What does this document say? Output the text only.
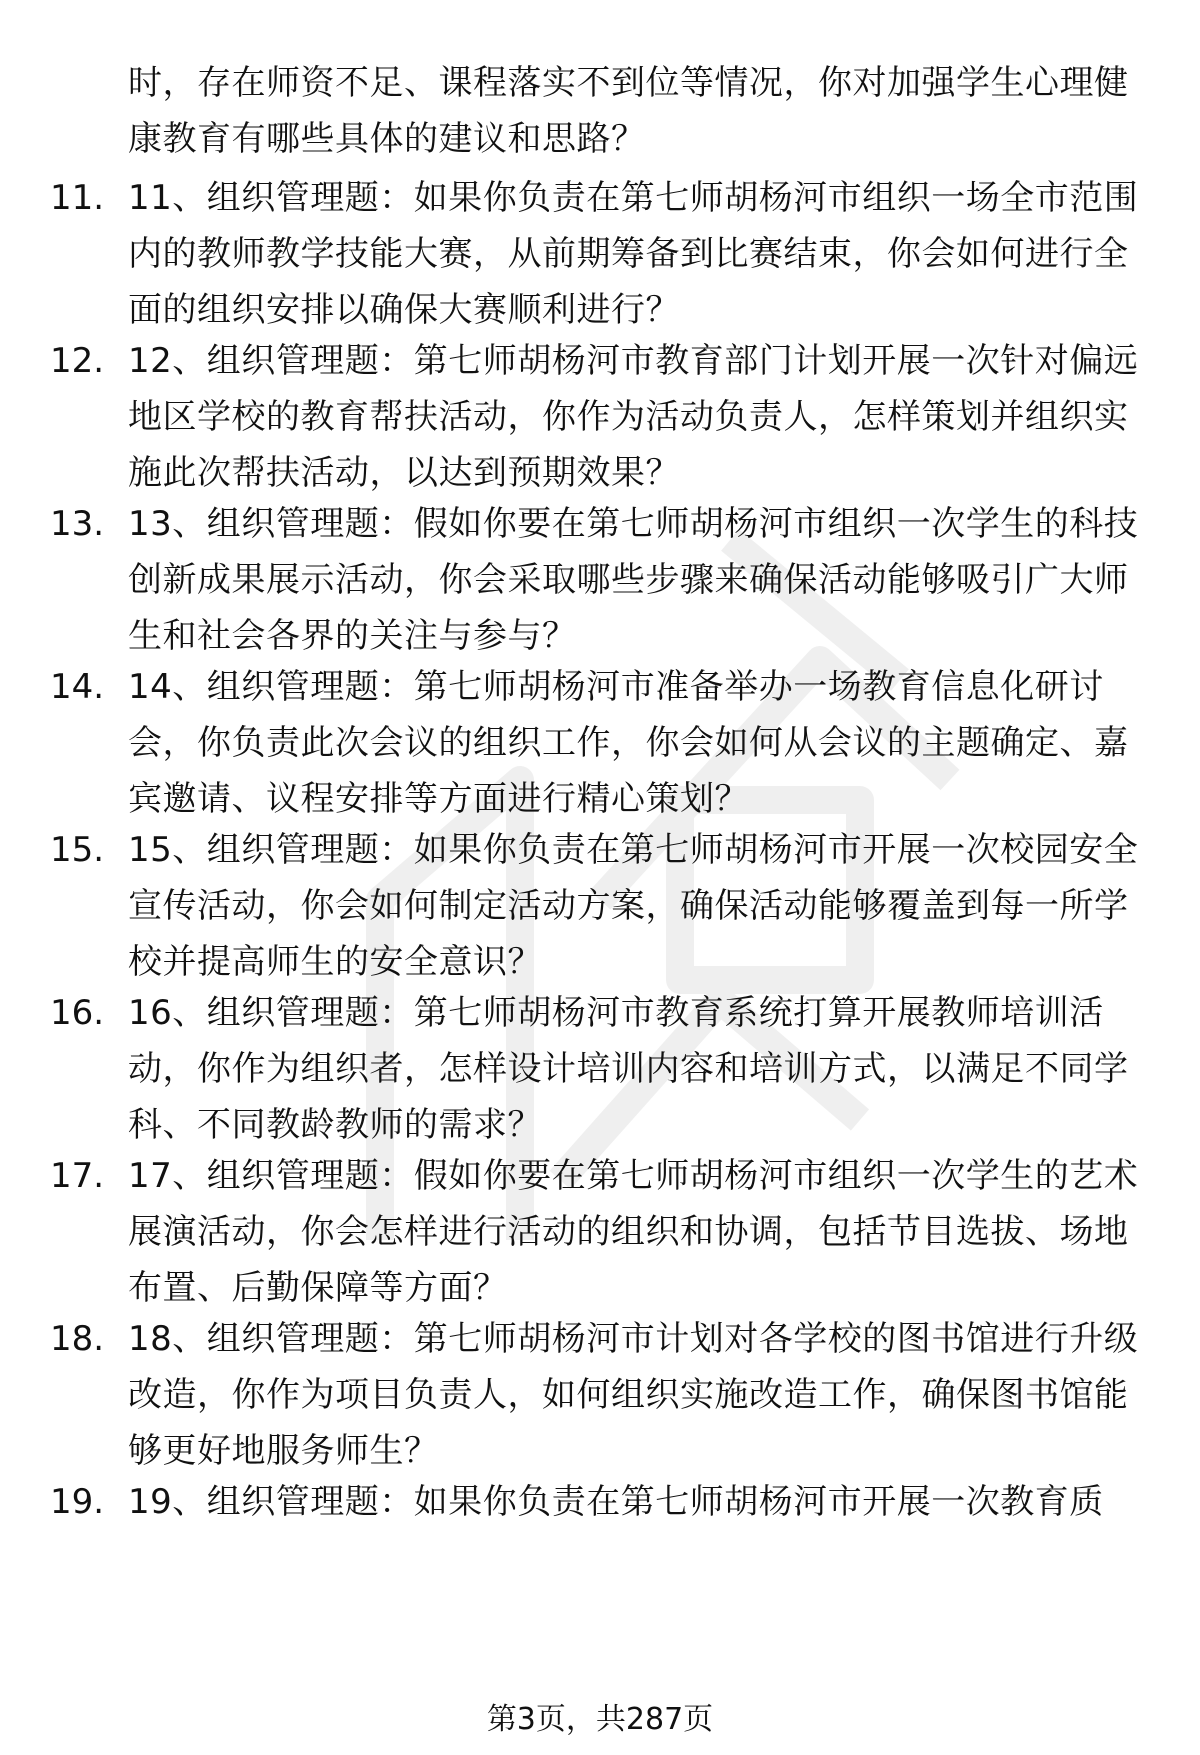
时，存在师资不足、课程落实不到位等情况，你对加强学生心理健康教育有哪些具体的建议和思路？
11. 11、组织管理题：如果你负责在第七师胡杨河市组织一场全市范围内的教师教学技能大赛，从前期筹备到比赛结束，你会如何进行全面的组织安排以确保大赛顺利进行？
12. 12、组织管理题：第七师胡杨河市教育部门计划开展一次针对偏远地区学校的教育帮扶活动，你作为活动负责人，怎样策划并组织实施此次帮扶活动，以达到预期效果？
13. 13、组织管理题：假如你要在第七师胡杨河市组织一次学生的科技创新成果展示活动，你会采取哪些步骤来确保活动能够吸引广大师生和社会各界的关注与参与？
14. 14、组织管理题：第七师胡杨河市准备举办一场教育信息化研讨会，你负责此次会议的组织工作，你会如何从会议的主题确定、嘉宾邀请、议程安排等方面进行精心策划？
15. 15、组织管理题：如果你负责在第七师胡杨河市开展一次校园安全宣传活动，你会如何制定活动方案，确保活动能够覆盖到每一所学校并提高师生的安全意识？
16. 16、组织管理题：第七师胡杨河市教育系统打算开展教师培训活动，你作为组织者，怎样设计培训内容和培训方式，以满足不同学科、不同教龄教师的需求？
17. 17、组织管理题：假如你要在第七师胡杨河市组织一次学生的艺术展演活动，你会怎样进行活动的组织和协调，包括节目选拔、场地布置、后勤保障等方面？
18. 18、组织管理题：第七师胡杨河市计划对各学校的图书馆进行升级改造，你作为项目负责人，如何组织实施改造工作，确保图书馆能够更好地服务师生？
19. 19、组织管理题：如果你负责在第七师胡杨河市开展一次教育质
第3页，共287页
